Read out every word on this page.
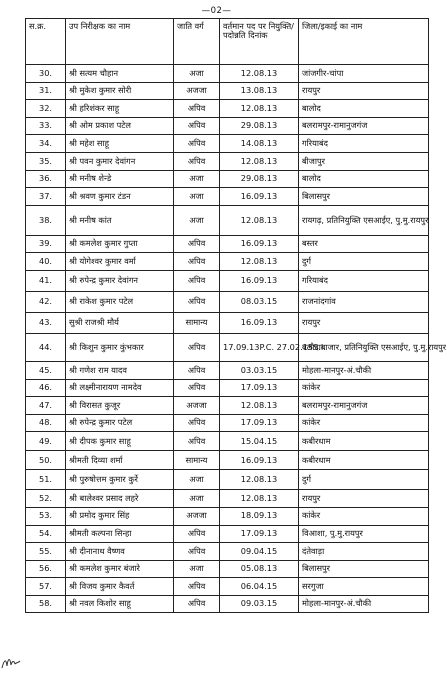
—02—
स.क्र.	उप निरीक्षक का नाम	जाति वर्ग	वर्तमान पद पर नियुक्ति/ पदोन्नति दिनांक	जिला/इकाई का नाम
30.	श्री सत्यम चौहान	अजा	12.08.13	जांजगीर-चांपा
31.	श्री मुकेश कुमार सोरी	अजजा	13.08.13	रायपुर
32.	श्री हरिशंकर साहू	अपिव	12.08.13	बालोद
33.	श्री ओम प्रकाश पटेल	अपिव	29.08.13	बलरामपुर-रामानुजगंज
34.	श्री महेश साहू	अपिव	14.08.13	गरियाबंद
35.	श्री पवन कुमार देवांगन	अपिव	12.08.13	बीजापुर
36.	श्री मनीष शेन्डे	अजा	29.08.13	बालोद
37.	श्री श्रवण कुमार टंडन	अजा	16.09.13	बिलासपुर
38.	श्री मनीष कांत	अजा	12.08.13	रायगढ़, प्रतिनियुक्ति एसआईए, पु.मु.रायपुर
39.	श्री कमलेश कुमार गुप्ता	अपिव	16.09.13	बस्तर
40.	श्री योगेश्वर कुमार वर्मा	अपिव	12.08.13	दुर्ग
41.	श्री रुपेन्द्र कुमार देवांगन	अपिव	16.09.13	गरियाबंद
42.	श्री राकेश कुमार पटेल	अपिव	08.03.15	राजनांदगांव
43.	सुश्री राजश्री मौर्य	सामान्य	16.09.13	रायपुर
44.	श्री किशुन कुमार कुंभकार	अपिव	17.09.13P.C. 27.02.15S.I.	बलौदाबाजार, प्रतिनियुक्ति एसआईए, पु.मु.रायपुर
45.	श्री गणेश राम यादव	अपिव	03.03.15	मोहला-मानपुर-अं.चौकी
46.	श्री लक्ष्मीनारायण नामदेव	अपिव	17.09.13	कांकेर
47.	श्री विरासत कुजूर	अजजा	12.08.13	बलरामपुर-रामानुजगंज
48.	श्री रुपेन्द्र कुमार पटेल	अपिव	17.09.13	कांकेर
49.	श्री दीपक कुमार साहू	अपिव	15.04.15	कबीरधाम
50.	श्रीमती दिव्या शर्मा	सामान्य	16.09.13	कबीरधाम
51.	श्री पुरुषोत्तम कुमार कुर्रे	अजा	12.08.13	दुर्ग
52.	श्री बालेश्वर प्रसाद लहरे	अजा	12.08.13	रायपुर
53.	श्री प्रमोद कुमार सिंह	अजजा	18.09.13	कांकेर
54.	श्रीमती कल्पना सिन्हा	अपिव	17.09.13	विआशा, पु.मु.रायपुर
55.	श्री दीनानाथ वैष्णव	अपिव	09.04.15	दंतेवाड़ा
56.	श्री कमलेश कुमार बंजारे	अजा	05.08.13	बिलासपुर
57.	श्री विजय कुमार कैवर्त	अपिव	06.04.15	सरगुजा
58.	श्री नवल किशोर साहू	अपिव	09.03.15	मोहला-मानपुर-अं.चौकी
